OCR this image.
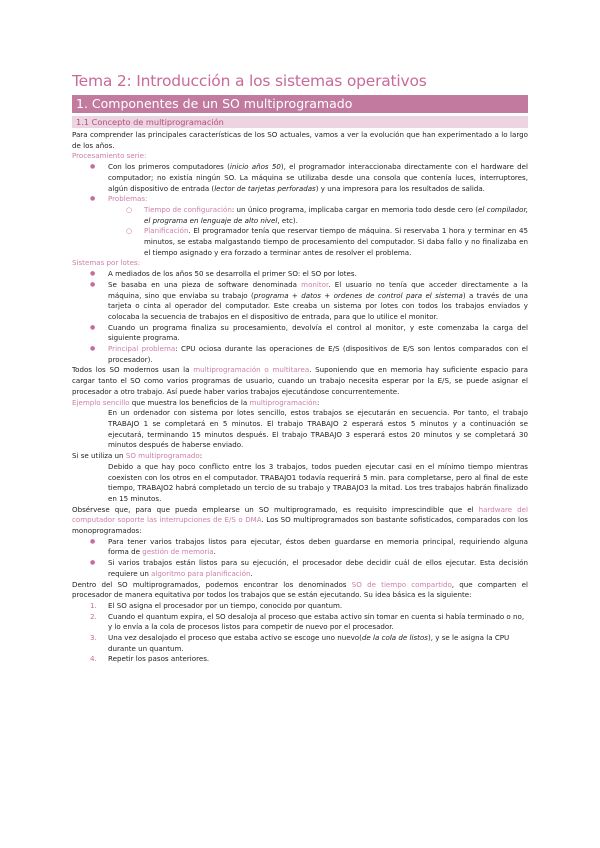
Tema 2: Introducción a los sistemas operativos
1. Componentes de un SO multiprogramado
1.1 Concepto de multiprogramación

Para comprender las principales características de los SO actuales, vamos a ver la evolución que han experimentado a lo largo de los años.

Procesamiento serie:

● Con los primeros computadores (inicio años 50), el programador interaccionaba directamente con el hardware del computador; no existía ningún SO. La máquina se utilizaba desde una consola que contenía luces, interruptores, algún dispositivo de entrada (lector de tarjetas perforadas) y una impresora para los resultados de salida.
● Problemas:
○ Tiempo de configuración: un único programa, implicaba cargar en memoria todo desde cero (el compilador, el programa en lenguaje de alto nivel, etc).
○ Planificación. El programador tenía que reservar tiempo de máquina. Si reservaba 1 hora y terminar en 45 minutos, se estaba malgastando tiempo de procesamiento del computador. Si daba fallo y no finalizaba en el tiempo asignado y era forzado a terminar antes de resolver el problema.

Sistemas por lotes:

● A mediados de los años 50 se desarrolla el primer SO: el SO por lotes.
● Se basaba en una pieza de software denominada monitor. El usuario no tenía que acceder directamente a la máquina, sino que enviaba su trabajo (programa + datos + ordenes de control para el sistema) a través de una tarjeta o cinta al operador del computador. Este creaba un sistema por lotes con todos los trabajos enviados y colocaba la secuencia de trabajos en el dispositivo de entrada, para que lo utilice el monitor.
● Cuando un programa finaliza su procesamiento, devolvía el control al monitor, y este comenzaba la carga del siguiente programa.
● Principal problema: CPU ociosa durante las operaciones de E/S (dispositivos de E/S son lentos comparados con el procesador).

Todos los SO modernos usan la multiprogramación o multitarea. Suponiendo que en memoria hay suficiente espacio para cargar tanto el SO como varios programas de usuario, cuando un trabajo necesita esperar por la E/S, se puede asignar el procesador a otro trabajo. Así puede haber varios trabajos ejecutándose concurrentemente.

Ejemplo sencillo que muestra los beneficios de la multiprogramación:

En un ordenador con sistema por lotes sencillo, estos trabajos se ejecutarán en secuencia. Por tanto, el trabajo TRABAJO 1 se completará en 5 minutos. El trabajo TRABAJO 2 esperará estos 5 minutos y a continuación se ejecutará, terminando 15 minutos después. El trabajo TRABAJO 3 esperará estos 20 minutos y se completará 30 minutos después de haberse enviado.

Si se utiliza un SO multiprogramado:

Debido a que hay poco conflicto entre los 3 trabajos, todos pueden ejecutar casi en el mínimo tiempo mientras coexisten con los otros en el computador. TRABAJO1 todavía requerirá 5 min. para completarse, pero al final de este tiempo, TRABAJO2 habrá completado un tercio de su trabajo y TRABAJO3 la mitad. Los tres trabajos habrán finalizado en 15 minutos.

Obsérvese que, para que pueda emplearse un SO multiprogramado, es requisito imprescindible que el hardware del computador soporte las interrupciones de E/S o DMA. Los SO multiprogramados son bastante sofisticados, comparados con los monoprogramados:

● Para tener varios trabajos listos para ejecutar, éstos deben guardarse en memoria principal, requiriendo alguna forma de gestión de memoria.
● Si varios trabajos están listos para su ejecución, el procesador debe decidir cuál de ellos ejecutar. Esta decisión requiere un algoritmo para planificación.

Dentro del SO multiprogramados, podemos encontrar los denominados SO de tiempo compartido, que comparten el procesador de manera equitativa por todos los trabajos que se están ejecutando. Su idea básica es la siguiente:

1. El SO asigna el procesador por un tiempo, conocido por quantum.
2. Cuando el quantum expira, el SO desaloja al proceso que estaba activo sin tomar en cuenta si había terminado o no, y lo envía a la cola de procesos listos para competir de nuevo por el procesador.
3. Una vez desalojado el proceso que estaba activo se escoge uno nuevo(de la cola de listos), y se le asigna la CPU durante un quantum.
4. Repetir los pasos anteriores.
